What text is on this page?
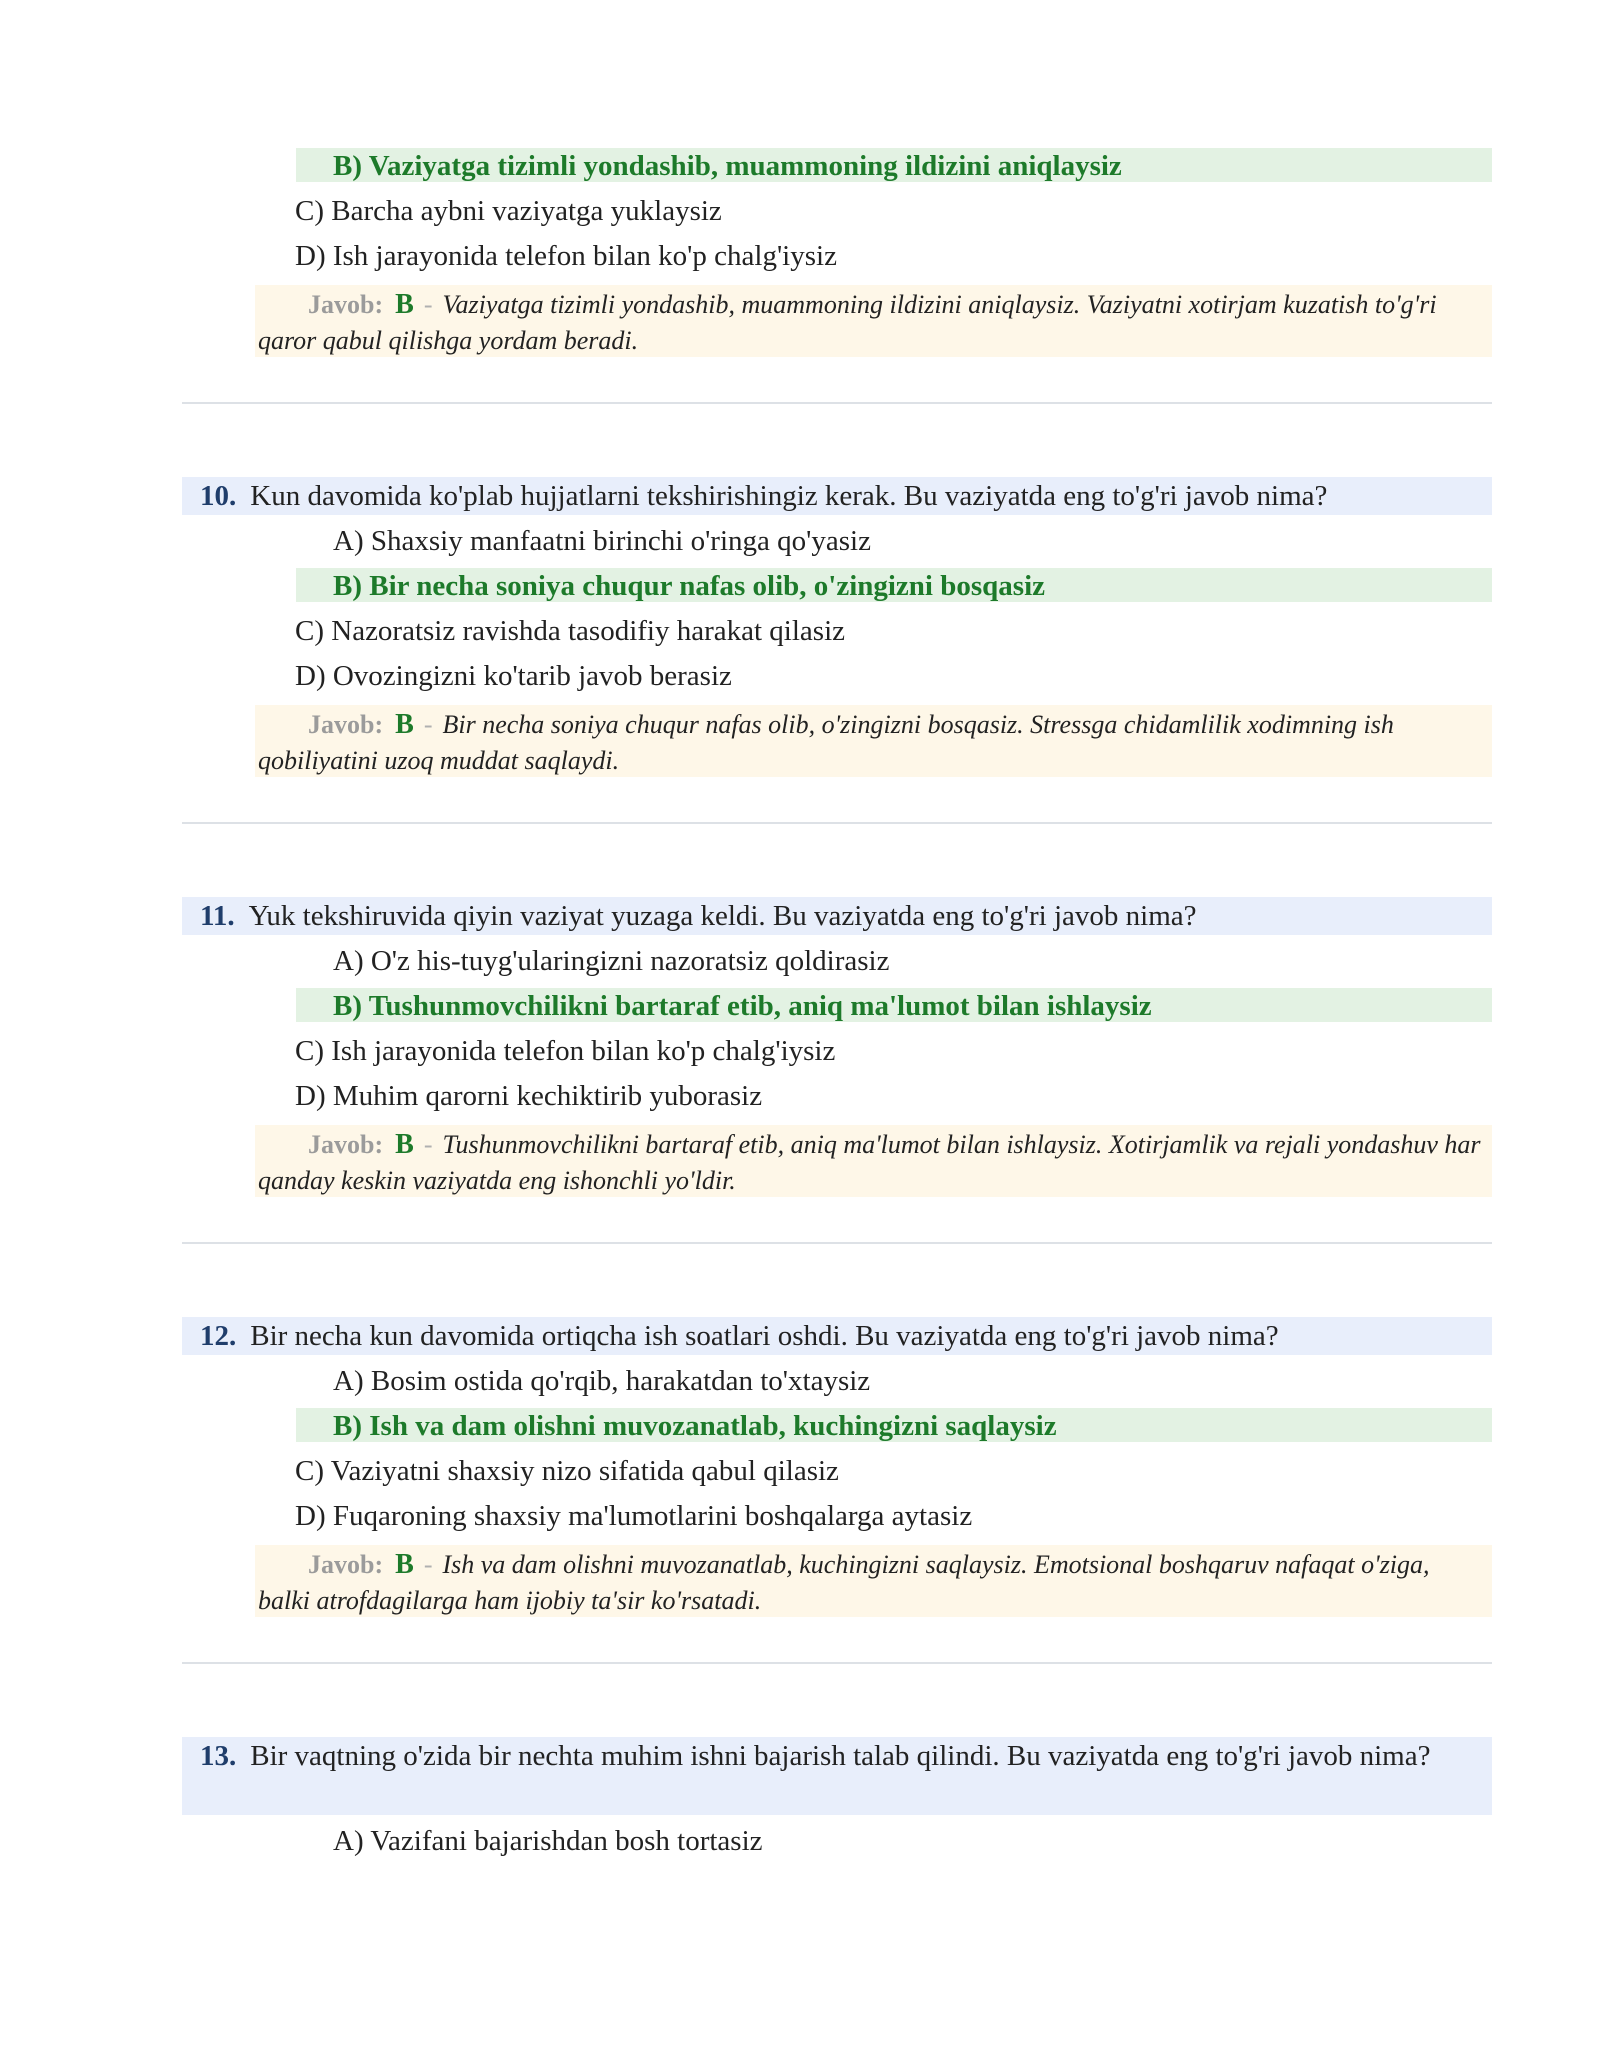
B) Vaziyatga tizimli yondashib, muammoning ildizini aniqlaysiz

C) Barcha aybni vaziyatga yuklaysiz

D) Ish jarayonida telefon bilan ko'p chalg'iysiz

Javob: B - Vaziyatga tizimli yondashib, muammoning ildizini aniqlaysiz. Vaziyatni xotirjam kuzatish to'g'ri qaror qabul qilishga yordam beradi.

10. Kun davomida ko'plab hujjatlarni tekshirishingiz kerak. Bu vaziyatda eng to'g'ri javob nima?

A) Shaxsiy manfaatni birinchi o'ringa qo'yasiz

B) Bir necha soniya chuqur nafas olib, o'zingizni bosqasiz

C) Nazoratsiz ravishda tasodifiy harakat qilasiz

D) Ovozingizni ko'tarib javob berasiz

Javob: B - Bir necha soniya chuqur nafas olib, o'zingizni bosqasiz. Stressga chidamlilik xodimning ish qobiliyatini uzoq muddat saqlaydi.

11. Yuk tekshiruvida qiyin vaziyat yuzaga keldi. Bu vaziyatda eng to'g'ri javob nima?

A) O'z his-tuyg'ularingizni nazoratsiz qoldirasiz

B) Tushunmovchilikni bartaraf etib, aniq ma'lumot bilan ishlaysiz

C) Ish jarayonida telefon bilan ko'p chalg'iysiz

D) Muhim qarorni kechiktirib yuborasiz

Javob: B - Tushunmovchilikni bartaraf etib, aniq ma'lumot bilan ishlaysiz. Xotirjamlik va rejali yondashuv har qanday keskin vaziyatda eng ishonchli yo'ldir.

12. Bir necha kun davomida ortiqcha ish soatlari oshdi. Bu vaziyatda eng to'g'ri javob nima?

A) Bosim ostida qo'rqib, harakatdan to'xtaysiz

B) Ish va dam olishni muvozanatlab, kuchingizni saqlaysiz

C) Vaziyatni shaxsiy nizo sifatida qabul qilasiz

D) Fuqaroning shaxsiy ma'lumotlarini boshqalarga aytasiz

Javob: B - Ish va dam olishni muvozanatlab, kuchingizni saqlaysiz. Emotsional boshqaruv nafaqat o'ziga, balki atrofdagilarga ham ijobiy ta'sir ko'rsatadi.

13. Bir vaqtning o'zida bir nechta muhim ishni bajarish talab qilindi. Bu vaziyatda eng to'g'ri javob nima?

A) Vazifani bajarishdan bosh tortasiz
